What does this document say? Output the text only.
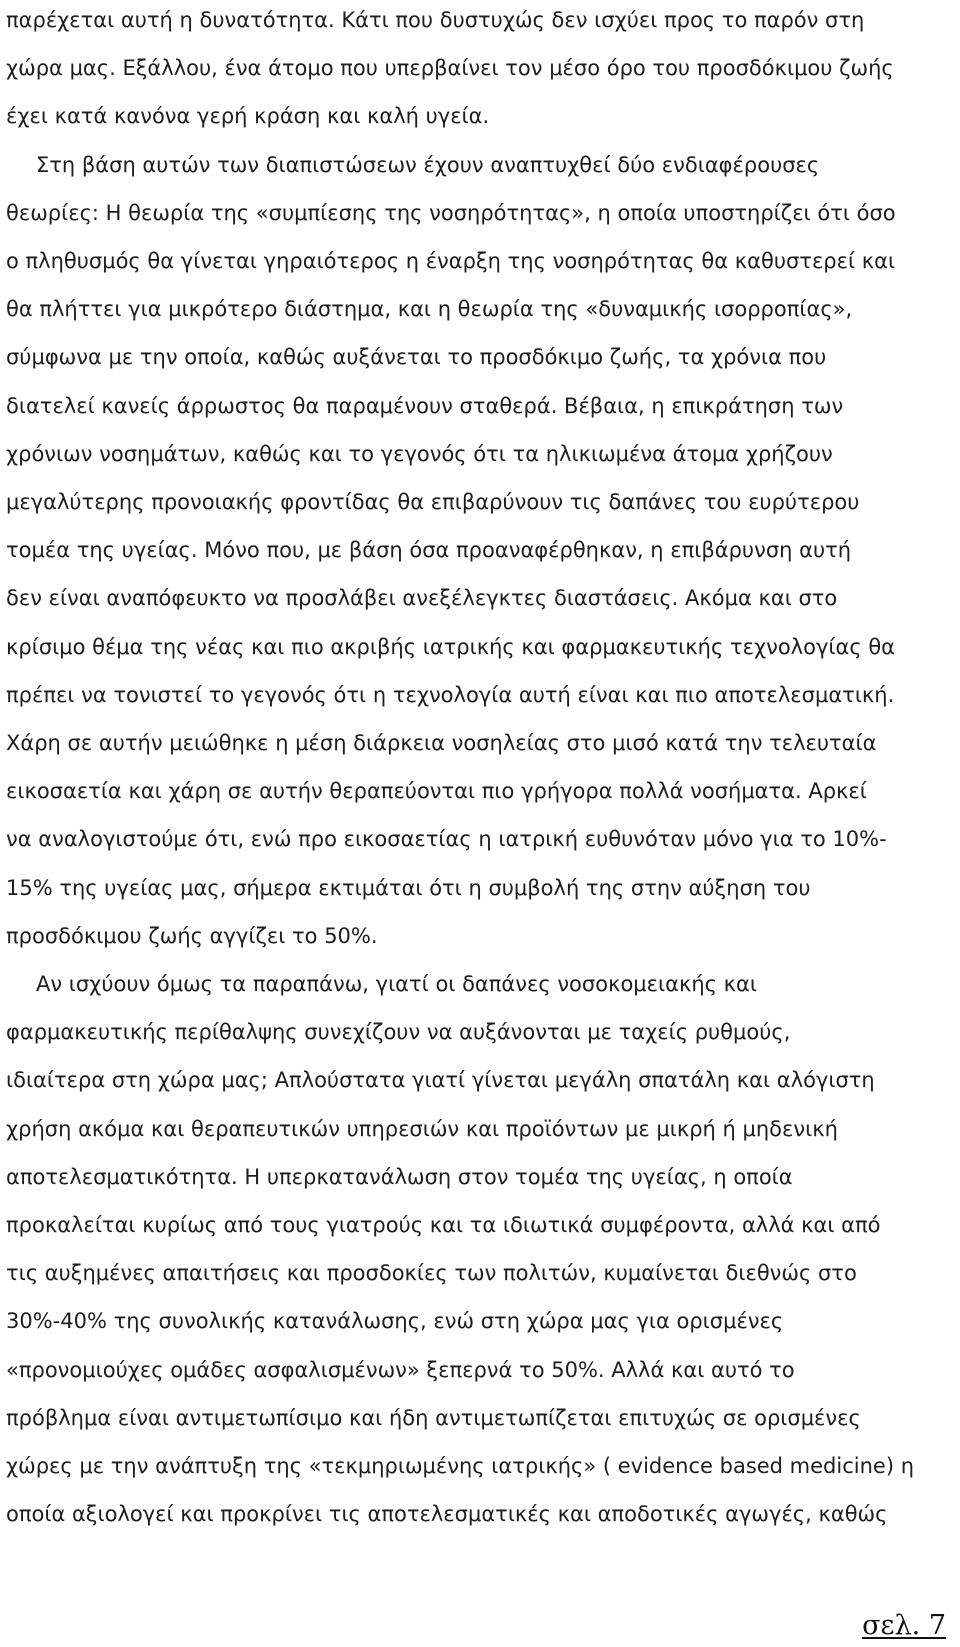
παρέχεται αυτή η δυνατότητα. Κάτι που δυστυχώς δεν ισχύει προς το παρόν στη
χώρα μας. Εξάλλου, ένα άτομο που υπερβαίνει τον μέσο όρο του προσδόκιμου ζωής
έχει κατά κανόνα γερή κράση και καλή υγεία.
Στη βάση αυτών των διαπιστώσεων έχουν αναπτυχθεί δύο ενδιαφέρουσες
θεωρίες: Η θεωρία της «συμπίεσης της νοσηρότητας», η οποία υποστηρίζει ότι όσο
ο πληθυσμός θα γίνεται γηραιότερος η έναρξη της νοσηρότητας θα καθυστερεί και
θα πλήττει για μικρότερο διάστημα, και η θεωρία της «δυναμικής ισορροπίας»,
σύμφωνα με την οποία, καθώς αυξάνεται το προσδόκιμο ζωής, τα χρόνια που
διατελεί κανείς άρρωστος θα παραμένουν σταθερά. Βέβαια, η επικράτηση των
χρόνιων νοσημάτων, καθώς και το γεγονός ότι τα ηλικιωμένα άτομα χρήζουν
μεγαλύτερης προνοιακής φροντίδας θα επιβαρύνουν τις δαπάνες του ευρύτερου
τομέα της υγείας. Μόνο που, με βάση όσα προαναφέρθηκαν, η επιβάρυνση αυτή
δεν είναι αναπόφευκτο να προσλάβει ανεξέλεγκτες διαστάσεις. Ακόμα και στο
κρίσιμο θέμα της νέας και πιο ακριβής ιατρικής και φαρμακευτικής τεχνολογίας θα
πρέπει να τονιστεί το γεγονός ότι η τεχνολογία αυτή είναι και πιο αποτελεσματική.
Χάρη σε αυτήν μειώθηκε η μέση διάρκεια νοσηλείας στο μισό κατά την τελευταία
εικοσαετία και χάρη σε αυτήν θεραπεύονται πιο γρήγορα πολλά νοσήματα. Αρκεί
να αναλογιστούμε ότι, ενώ προ εικοσαετίας η ιατρική ευθυνόταν μόνο για το 10%-
15% της υγείας μας, σήμερα εκτιμάται ότι η συμβολή της στην αύξηση του
προσδόκιμου ζωής αγγίζει το 50%.
Αν ισχύουν όμως τα παραπάνω, γιατί οι δαπάνες νοσοκομειακής και
φαρμακευτικής περίθαλψης συνεχίζουν να αυξάνονται με ταχείς ρυθμούς,
ιδιαίτερα στη χώρα μας; Απλούστατα γιατί γίνεται μεγάλη σπατάλη και αλόγιστη
χρήση ακόμα και θεραπευτικών υπηρεσιών και προϊόντων με μικρή ή μηδενική
αποτελεσματικότητα. Η υπερκατανάλωση στον τομέα της υγείας, η οποία
προκαλείται κυρίως από τους γιατρούς και τα ιδιωτικά συμφέροντα, αλλά και από
τις αυξημένες απαιτήσεις και προσδοκίες των πολιτών, κυμαίνεται διεθνώς στο
30%-40% της συνολικής κατανάλωσης, ενώ στη χώρα μας για ορισμένες
«προνομιούχες ομάδες ασφαλισμένων» ξεπερνά το 50%. Αλλά και αυτό το
πρόβλημα είναι αντιμετωπίσιμο και ήδη αντιμετωπίζεται επιτυχώς σε ορισμένες
χώρες με την ανάπτυξη της «τεκμηριωμένης ιατρικής» ( evidence based medicine) η
οποία αξιολογεί και προκρίνει τις αποτελεσματικές και αποδοτικές αγωγές, καθώς
σελ. 7
